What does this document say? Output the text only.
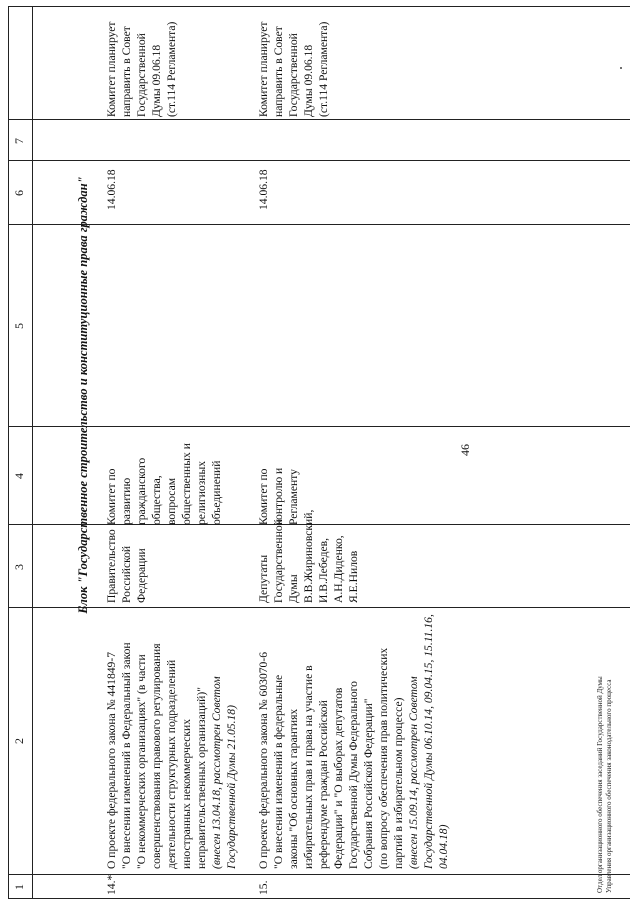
1
2
3
4
5
6
7
Блок "Государственное строительство и конституционные права граждан"
14.*
О проекте федерального закона № 441849-7 "О внесении изменений в Федеральный закон "О некоммерческих организациях" (в части совершенствования правового регулирования деятельности структурных подразделений иностранных некоммерческих неправительственных организаций)" (внесен 13.04.18, рассмотрен Советом Государственной Думы 21.05.18)
Правительство Российской Федерации
Комитет по развитию гражданского общества, вопросам общественных и религиозных объединений
14.06.18
Комитет планирует направить в Совет Государственной Думы 09.06.18 (ст.114 Регламента)
15.
О проекте федерального закона № 603070-6 "О внесении изменений в федеральные законы "Об основных гарантиях избирательных прав и права на участие в референдуме граждан Российской Федерации" и "О выборах депутатов Государственной Думы Федерального Собрания Российской Федерации" (по вопросу обеспечения прав политических партий в избирательном процессе) (внесен 15.09.14, рассмотрен Советом Государственной Думы 06.10.14, 09.04.15, 15.11.16, 04.04.18)
Депутаты Государственной Думы В.В.Жириновский, И.В.Лебедев, А.Н.Диденко, Я.Е.Нилов
Комитет по контролю и Регламенту
14.06.18
Комитет планирует направить в Совет Государственной Думы 09.06.18 (ст.114 Регламента)
46
Отдел организационного обеспечения заседаний Государственной Думы Управления организационного обеспечения законодательного процесса
